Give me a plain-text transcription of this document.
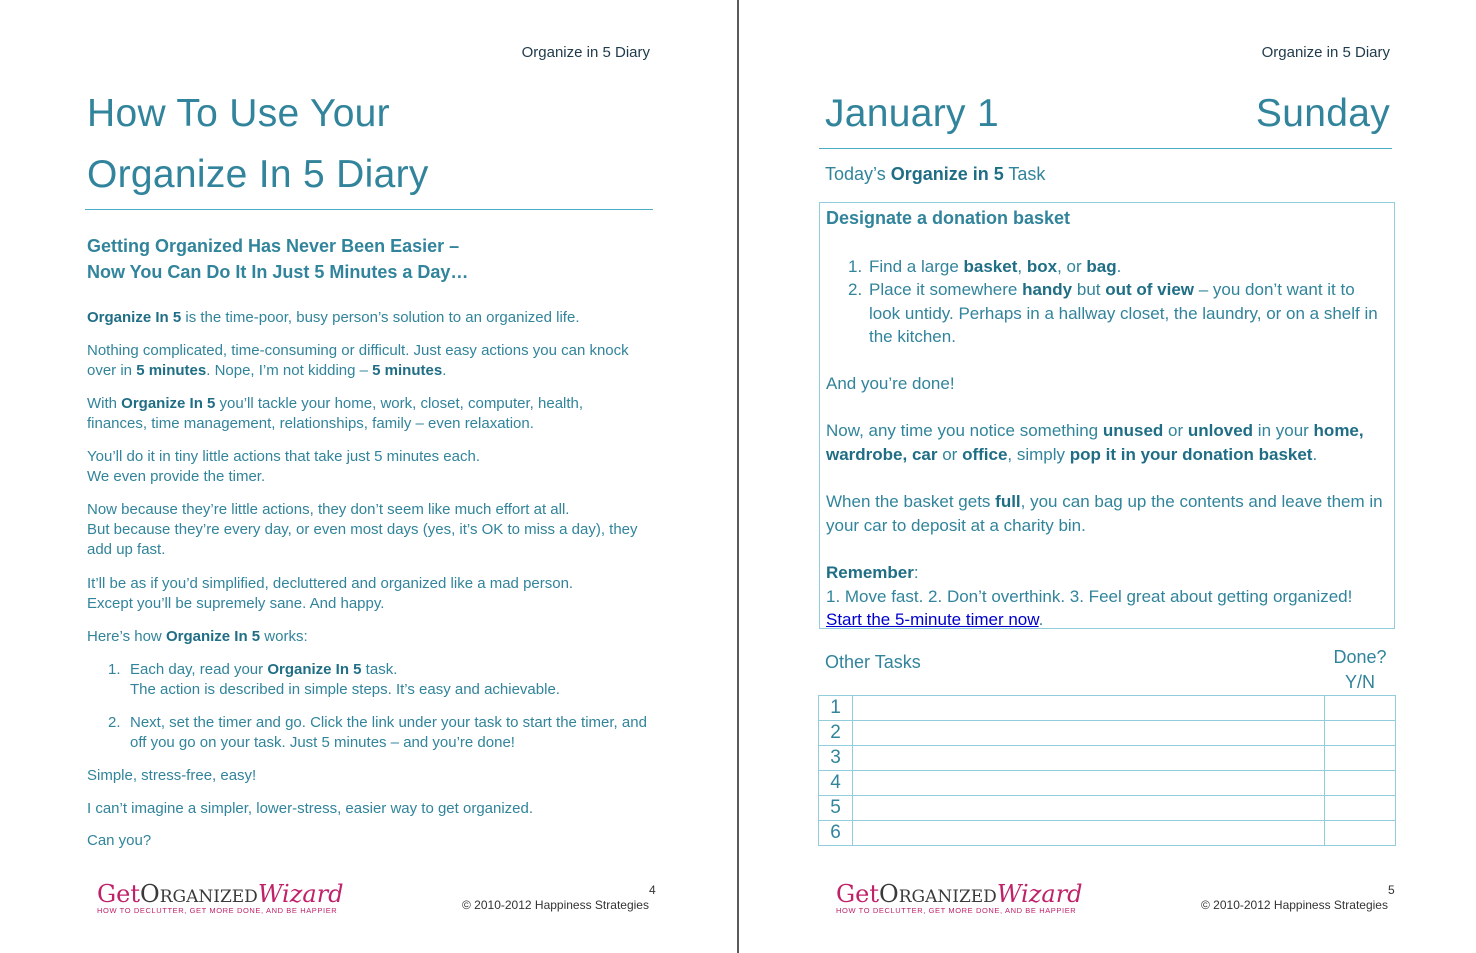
Organize in 5 Diary
How To Use Your
Organize In 5 Diary
Getting Organized Has Never Been Easier –
Now You Can Do It In Just 5 Minutes a Day…

Organize In 5 is the time-poor, busy person’s solution to an organized life.

Nothing complicated, time-consuming or difficult. Just easy actions you can knock over in 5 minutes. Nope, I’m not kidding – 5 minutes.

With Organize In 5 you’ll tackle your home, work, closet, computer, health, finances, time management, relationships, family – even relaxation.

You’ll do it in tiny little actions that take just 5 minutes each.

We even provide the timer.

Now because they’re little actions, they don’t seem like much effort at all.

But because they’re every day, or even most days (yes, it’s OK to miss a day), they add up fast.

It’ll be as if you’d simplified, decluttered and organized like a mad person.

Except you’ll be supremely sane. And happy.

Here’s how Organize In 5 works:

1. Each day, read your Organize In 5 task.

The action is described in simple steps. It’s easy and achievable.

2. Next, set the timer and go. Click the link under your task to start the timer, and off you go on your task. Just 5 minutes – and you’re done!

Simple, stress-free, easy!

I can’t imagine a simpler, lower-stress, easier way to get organized.

Can you?

GetOrganizedWizard
HOW TO DECLUTTER, GET MORE DONE, AND BE HAPPIER
4
© 2010-2012 Happiness Strategies
Organize in 5 Diary
January 1	Sunday
Today’s Organize in 5 Task

Designate a donation basket

1. Find a large basket, box, or bag.
2. Place it somewhere handy but out of view – you don’t want it to look untidy. Perhaps in a hallway closet, the laundry, or on a shelf in the kitchen.

And you’re done!

Now, any time you notice something unused or unloved in your home, wardrobe, car or office, simply pop it in your donation basket.

When the basket gets full, you can bag up the contents and leave them in your car to deposit at a charity bin.

Remember:

1. Move fast. 2. Don’t overthink. 3. Feel great about getting organized!

Start the 5-minute timer now.

Other Tasks	Done?
Y/N
1		
2		
3		
4		
5		
6		
GetOrganizedWizard
HOW TO DECLUTTER, GET MORE DONE, AND BE HAPPIER
5
© 2010-2012 Happiness Strategies
